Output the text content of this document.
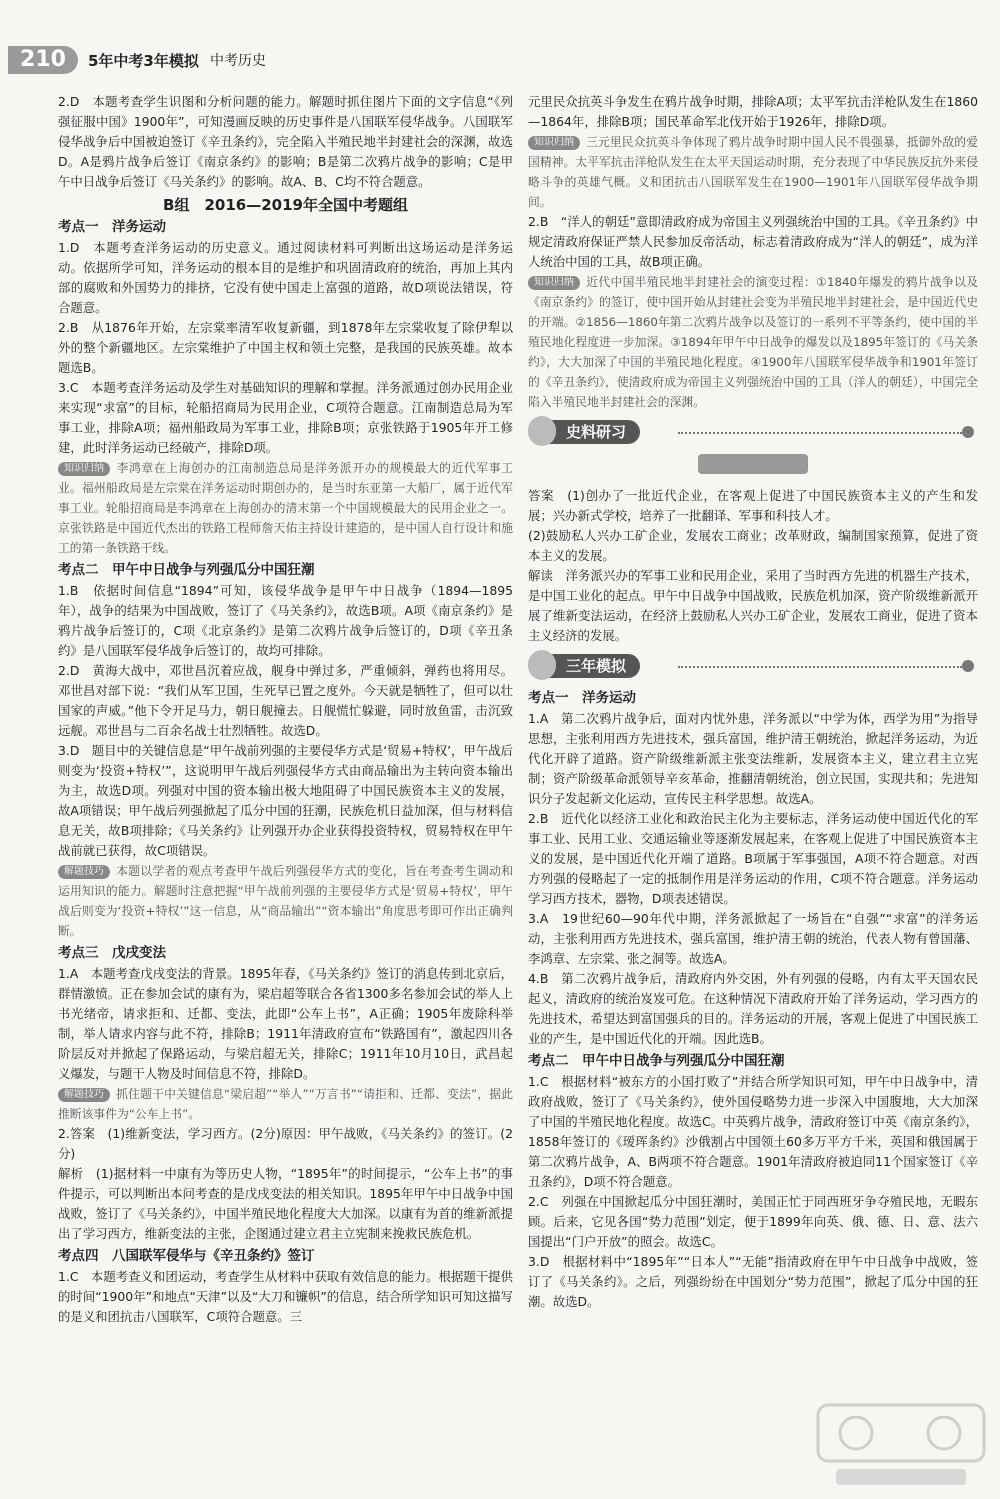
210	5年中考3年模拟 中考历史
2.D　本题考查学生识图和分析问题的能力。解题时抓住图片下面的文字信息“《列强征服中国》1900年”，可知漫画反映的历史事件是八国联军侵华战争。八国联军侵华战争后中国被迫签订《辛丑条约》，完全陷入半殖民地半封建社会的深渊，故选D。A是鸦片战争后签订《南京条约》的影响；B是第二次鸦片战争的影响；C是甲午中日战争后签订《马关条约》的影响。故A、B、C均不符合题意。
B组　2016—2019年全国中考题组
考点一　洋务运动
1.D　本题考查洋务运动的历史意义。通过阅读材料可判断出这场运动是洋务运动。依据所学可知，洋务运动的根本目的是维护和巩固清政府的统治，再加上其内部的腐败和外国势力的排挤，它没有使中国走上富强的道路，故D项说法错误，符合题意。
2.B　从1876年开始，左宗棠率清军收复新疆，到1878年左宗棠收复了除伊犁以外的整个新疆地区。左宗棠维护了中国主权和领土完整，是我国的民族英雄。故本题选B。
3.C　本题考查洋务运动及学生对基础知识的理解和掌握。洋务派通过创办民用企业来实现“求富”的目标，轮船招商局为民用企业，C项符合题意。江南制造总局为军事工业，排除A项；福州船政局为军事工业，排除B项；京张铁路于1905年开工修建，此时洋务运动已经破产，排除D项。
知识归纳 李鸿章在上海创办的江南制造总局是洋务派开办的规模最大的近代军事工业。福州船政局是左宗棠在洋务运动时期创办的，是当时东亚第一大船厂，属于近代军事工业。轮船招商局是李鸿章在上海创办的清末第一个中国规模最大的民用企业之一。京张铁路是中国近代杰出的铁路工程师詹天佑主持设计建造的，是中国人自行设计和施工的第一条铁路干线。
考点二　甲午中日战争与列强瓜分中国狂潮
1.B　依据时间信息“1894”可知，该侵华战争是甲午中日战争（1894—1895年），战争的结果为中国战败，签订了《马关条约》，故选B项。A项《南京条约》是鸦片战争后签订的，C项《北京条约》是第二次鸦片战争后签订的，D项《辛丑条约》是八国联军侵华战争后签订的，故均可排除。
2.D　黄海大战中，邓世昌沉着应战，舰身中弹过多，严重倾斜，弹药也将用尽。邓世昌对部下说：“我们从军卫国，生死早已置之度外。今天就是牺牲了，但可以壮国家的声威。”他下令开足马力，朝日舰撞去。日舰慌忙躲避，同时放鱼雷，击沉致远舰。邓世昌与二百余名战士壮烈牺牲。故选D。
3.D　题目中的关键信息是“甲午战前列强的主要侵华方式是‘贸易+特权’，甲午战后则变为‘投资+特权’”，这说明甲午战后列强侵华方式由商品输出为主转向资本输出为主，故选D项。列强对中国的资本输出极大地阻碍了中国民族资本主义的发展，故A项错误；甲午战后列强掀起了瓜分中国的狂潮，民族危机日益加深，但与材料信息无关，故B项排除；《马关条约》让列强开办企业获得投资特权，贸易特权在甲午战前就已获得，故C项错误。
解题技巧 本题以学者的观点考查甲午战后列强侵华方式的变化，旨在考查考生调动和运用知识的能力。解题时注意把握“甲午战前列强的主要侵华方式是‘贸易+特权’，甲午战后则变为‘投资+特权’”这一信息，从“商品输出”“资本输出”角度思考即可作出正确判断。
考点三　戊戌变法
1.A　本题考查戊戌变法的背景。1895年春，《马关条约》签订的消息传到北京后，群情激愤。正在参加会试的康有为，梁启超等联合各省1300多名参加会试的举人上书光绪帝，请求拒和、迁都、变法，此即“公车上书”，A正确；1905年废除科举制，举人请求内容与此不符，排除B；1911年清政府宣布“铁路国有”，激起四川各阶层反对并掀起了保路运动，与梁启超无关，排除C；1911年10月10日，武昌起义爆发，与题干人物及时间信息不符，排除D。
解题技巧 抓住题干中关键信息“梁启超”“举人”“万言书”“请拒和、迁都、变法”，据此推断该事件为“公车上书”。
2.答案　(1)维新变法，学习西方。(2分)原因：甲午战败，《马关条约》的签订。(2分)
解析　(1)据材料一中康有为等历史人物，“1895年”的时间提示，“公车上书”的事件提示，可以判断出本问考查的是戊戌变法的相关知识。1895年甲午中日战争中国战败，签订了《马关条约》，中国半殖民地化程度大大加深。以康有为首的维新派提出了学习西方，维新变法的主张，企图通过建立君主立宪制来挽救民族危机。
考点四　八国联军侵华与《辛丑条约》签订
1.C　本题考查义和团运动，考查学生从材料中获取有效信息的能力。根据题干提供的时间“1900年”和地点“天津”以及“大刀和镰帜”的信息，结合所学知识可知这描写的是义和团抗击八国联军，C项符合题意。三
元里民众抗英斗争发生在鸦片战争时期，排除A项；太平军抗击洋枪队发生在1860—1864年，排除B项；国民革命军北伐开始于1926年，排除D项。
知识归纳 三元里民众抗英斗争体现了鸦片战争时期中国人民不畏强暴，抵御外敌的爱国精神。太平军抗击洋枪队发生在太平天国运动时期，充分表现了中华民族反抗外来侵略斗争的英雄气概。义和团抗击八国联军发生在1900—1901年八国联军侵华战争期间。
2.B　“洋人的朝廷”意即清政府成为帝国主义列强统治中国的工具。《辛丑条约》中规定清政府保证严禁人民参加反帝活动，标志着清政府成为“洋人的朝廷”，成为洋人统治中国的工具，故B项正确。
知识归纳 近代中国半殖民地半封建社会的演变过程：①1840年爆发的鸦片战争以及《南京条约》的签订，使中国开始从封建社会变为半殖民地半封建社会，是中国近代史的开端。②1856—1860年第二次鸦片战争以及签订的一系列不平等条约，使中国的半殖民地化程度进一步加深。③1894年甲午中日战争的爆发以及1895年签订的《马关条约》，大大加深了中国的半殖民地化程度。④1900年八国联军侵华战争和1901年签订的《辛丑条约》，使清政府成为帝国主义列强统治中国的工具（洋人的朝廷），中国完全陷入半殖民地半封建社会的深渊。
史料研习
答案　(1)创办了一批近代企业，在客观上促进了中国民族资本主义的产生和发展；兴办新式学校，培养了一批翻译、军事和科技人才。
(2)鼓励私人兴办工矿企业，发展农工商业；改革财政，编制国家预算，促进了资本主义的发展。
解读　洋务派兴办的军事工业和民用企业，采用了当时西方先进的机器生产技术，是中国工业化的起点。甲午中日战争中国战败，民族危机加深，资产阶级维新派开展了维新变法运动，在经济上鼓励私人兴办工矿企业，发展农工商业，促进了资本主义经济的发展。
三年模拟
考点一　洋务运动
1.A　第二次鸦片战争后，面对内忧外患，洋务派以“中学为体，西学为用”为指导思想，主张利用西方先进技术，强兵富国，维护清王朝统治，掀起洋务运动，为近代化开辟了道路。资产阶级维新派主张变法维新，发展资本主义，建立君主立宪制；资产阶级革命派领导辛亥革命，推翻清朝统治，创立民国，实现共和；先进知识分子发起新文化运动，宣传民主科学思想。故选A。
2.B　近代化以经济工业化和政治民主化为主要标志，洋务运动使中国近代化的军事工业、民用工业、交通运输业等逐渐发展起来，在客观上促进了中国民族资本主义的发展，是中国近代化开端了道路。B项属于军事强国，A项不符合题意。对西方列强的侵略起了一定的抵制作用是洋务运动的作用，C项不符合题意。洋务运动学习西方技术，器物，D项表述错误。
3.A　19世纪60—90年代中期，洋务派掀起了一场旨在“自强”“求富”的洋务运动，主张利用西方先进技术，强兵富国，维护清王朝的统治，代表人物有曾国藩、李鸿章、左宗棠、张之洞等。故选A。
4.B　第二次鸦片战争后，清政府内外交困，外有列强的侵略，内有太平天国农民起义，清政府的统治岌岌可危。在这种情况下清政府开始了洋务运动，学习西方的先进技术，希望达到富国强兵的目的。洋务运动的开展，客观上促进了中国民族工业的产生，是中国近代化的开端。因此选B。
考点二　甲午中日战争与列强瓜分中国狂潮
1.C　根据材料“被东方的小国打败了”并结合所学知识可知，甲午中日战争中，清政府战败，签订了《马关条约》，使外国侵略势力进一步深入中国腹地，大大加深了中国的半殖民地化程度。故选C。中英鸦片战争，清政府签订中英《南京条约》，1858年签订的《瑷珲条约》沙俄割占中国领土60多万平方千米，英国和俄国属于第二次鸦片战争，A、B两项不符合题意。1901年清政府被迫同11个国家签订《辛丑条约》，D项不符合题意。
2.C　列强在中国掀起瓜分中国狂潮时，美国正忙于同西班牙争夺殖民地，无暇东顾。后来，它见各国“势力范围”划定，便于1899年向英、俄、德、日、意、法六国提出“门户开放”的照会。故选C。
3.D　根据材料中“1895年”“日本人”“无能”指清政府在甲午中日战争中战败，签订了《马关条约》。之后，列强纷纷在中国划分“势力范围”，掀起了瓜分中国的狂潮。故选D。
